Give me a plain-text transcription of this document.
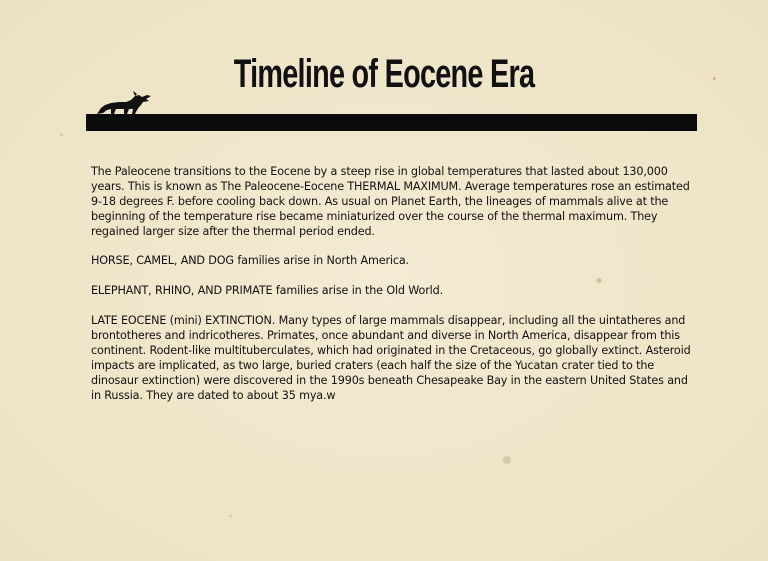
Timeline of Eocene Era

The Paleocene transitions to the Eocene by a steep rise in global temperatures that lasted about 130,000 years. This is known as The Paleocene-Eocene THERMAL MAXIMUM. Average temperatures rose an estimated 9-18 degrees F. before cooling back down. As usual on Planet Earth, the lineages of mammals alive at the beginning of the temperature rise became miniaturized over the course of the thermal maximum. They regained larger size after the thermal period ended.

HORSE, CAMEL, AND DOG families arise in North America.

ELEPHANT, RHINO, AND PRIMATE families arise in the Old World.

LATE EOCENE (mini) EXTINCTION. Many types of large mammals disappear, including all the uintatheres and brontotheres and indricotheres. Primates, once abundant and diverse in North America, disappear from this continent. Rodent-like multituberculates, which had originated in the Cretaceous, go globally extinct. Asteroid impacts are implicated, as two large, buried craters (each half the size of the Yucatan crater tied to the dinosaur extinction) were discovered in the 1990s beneath Chesapeake Bay in the eastern United States and in Russia. They are dated to about 35 mya.w
